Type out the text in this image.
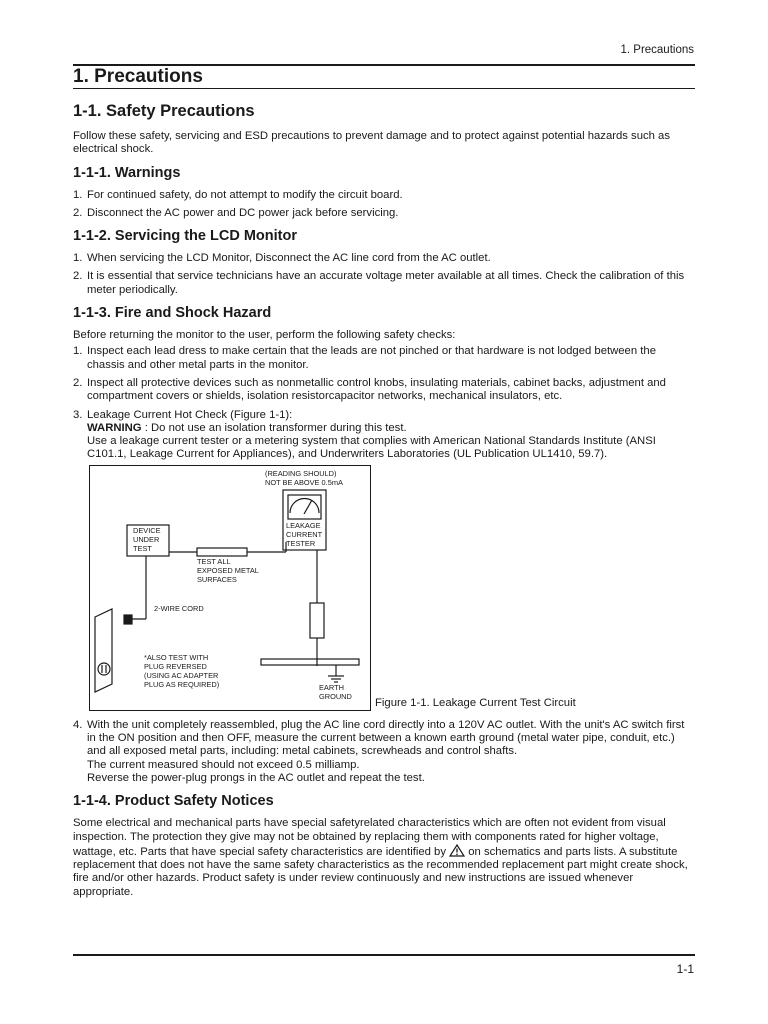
1. Precautions
1. Precautions
1-1. Safety Precautions

Follow these safety, servicing and ESD precautions to prevent damage and to protect against potential hazards such as electrical shock.

1-1-1. Warnings
1. For continued safety, do not attempt to modify the circuit board.
2. Disconnect the AC power and DC power jack before servicing.
1-1-2. Servicing the LCD Monitor
1. When servicing the LCD Monitor, Disconnect the AC line cord from the AC outlet.
2. It is essential that service technicians have an accurate voltage meter available at all times. Check the calibration of this meter periodically.
1-1-3. Fire and Shock Hazard

Before returning the monitor to the user, perform the following safety checks:

1. Inspect each lead dress to make certain that the leads are not pinched or that hardware is not lodged between the chassis and other metal parts in the monitor.
2. Inspect all protective devices such as nonmetallic control knobs, insulating materials, cabinet backs, adjustment and compartment covers or shields, isolation resistorcapacitor networks, mechanical insulators, etc.
3. Leakage Current Hot Check (Figure 1-1):
WARNING : Do not use an isolation transformer during this test.
Use a leakage current tester or a metering system that complies with American National Standards Institute (ANSI C101.1, Leakage Current for Appliances), and Underwriters Laboratories (UL Publication UL1410, 59.7).
(READING SHOULD)
NOT BE ABOVE 0.5mA
DEVICE
UNDER
TEST
LEAKAGE
CURRENT
TESTER
TEST ALL
EXPOSED METAL
SURFACES
2-WIRE CORD
*ALSO TEST WITH
PLUG REVERSED
(USING AC ADAPTER
PLUG AS REQUIRED)	EARTH
GROUND
Figure 1-1. Leakage Current Test Circuit
4. With the unit completely reassembled, plug the AC line cord directly into a 120V AC outlet. With the unit's AC switch first in the ON position and then OFF, measure the current between a known earth ground (metal water pipe, conduit, etc.) and all exposed metal parts, including: metal cabinets, screwheads and control shafts.
The current measured should not exceed 0.5 milliamp.
Reverse the power-plug prongs in the AC outlet and repeat the test.
1-1-4. Product Safety Notices

Some electrical and mechanical parts have special safetyrelated characteristics which are often not evident from visual inspection. The protection they give may not be obtained by replacing them with components rated for higher voltage, wattage, etc. Parts that have special safety characteristics are identified by  on schematics and parts lists. A substitute replacement that does not have the same safety characteristics as the recommended replacement part might create shock, fire and/or other hazards. Product safety is under review continuously and new instructions are issued whenever appropriate.

1-1
